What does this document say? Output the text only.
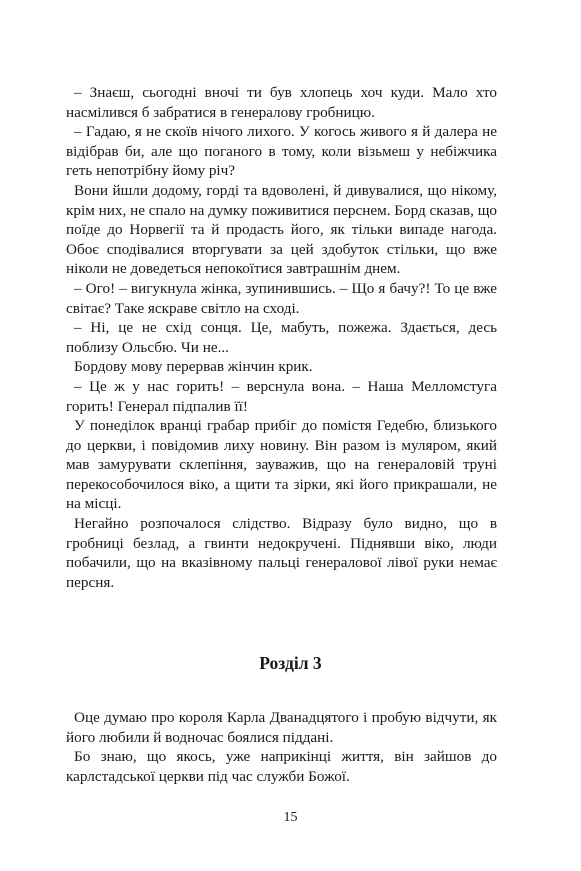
– Знаєш, сьогодні вночі ти був хлопець хоч куди. Мало хто насмілився б забратися в генералову гробницю.

– Гадаю, я не скоїв нічого лихого. У когось живого я й далера не відібрав би, але що поганого в тому, коли візьмеш у небіжчика геть непотрібну йому річ?

Вони йшли додому, горді та вдоволені, й дивувалися, що нікому, крім них, не спало на думку поживитися перснем. Борд сказав, що поїде до Норвегії та й продасть його, як тільки випаде нагода. Обоє сподівалися вторгувати за цей здобуток стільки, що вже ніколи не доведеться непокоїтися завтрашнім днем.

– Ого! – вигукнула жінка, зупинившись. – Що я бачу?! То це вже світає? Таке яскраве світло на сході.

– Ні, це не схід сонця. Це, мабуть, пожежа. Здається, десь поблизу Ольсбю. Чи не...

Бордову мову перервав жінчин крик.

– Це ж у нас горить! – верснула вона. – Наша Мелломстуга горить! Генерал підпалив її!

У понеділок вранці грабар прибіг до помістя Гедебю, близького до церкви, і повідомив лиху новину. Він разом із муляром, який мав замурувати склепіння, зауважив, що на генераловій труні перекособочилося віко, а щити та зірки, які його прикрашали, не на місці.

Негайно розпочалося слідство. Відразу було видно, що в гробниці безлад, а гвинти недокручені. Піднявши віко, люди побачили, що на вказівному пальці генералової лівої руки немає персня.

Розділ 3

Оце думаю про короля Карла Дванадцятого і пробую відчути, як його любили й водночас боялися піддані.

Бо знаю, що якось, уже наприкінці життя, він зайшов до карлстадської церкви під час служби Божої.

15
